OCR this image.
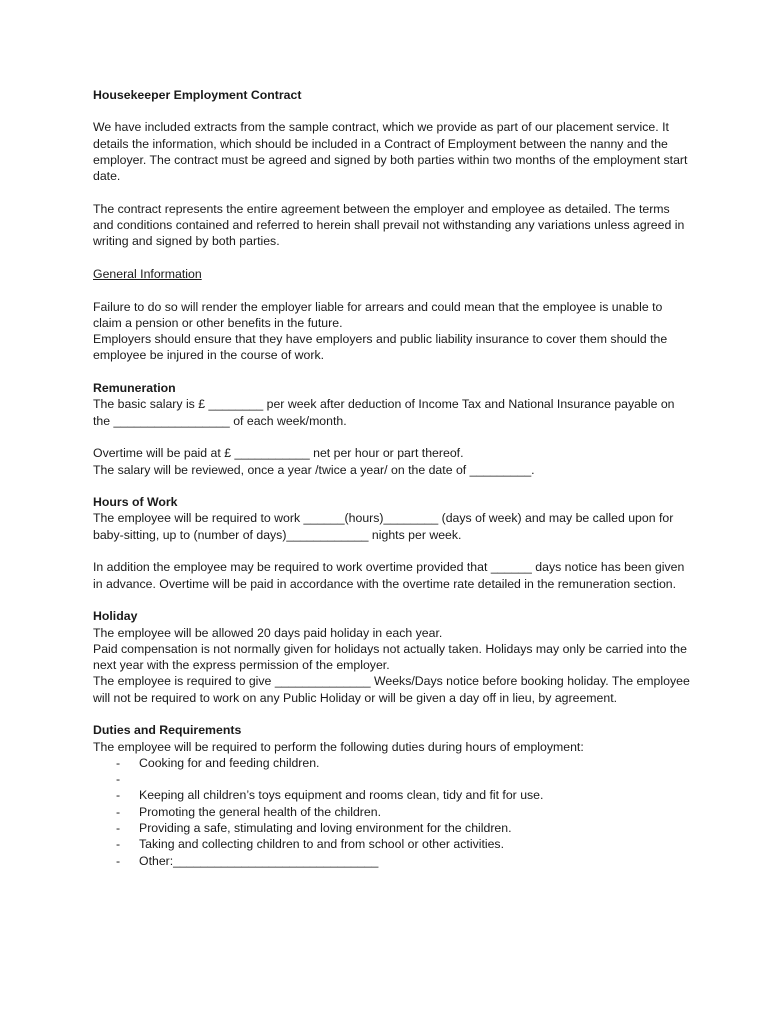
Housekeeper Employment Contract

We have included extracts from the sample contract, which we provide as part of our placement service. It details the information, which should be included in a Contract of Employment between the nanny and the employer. The contract must be agreed and signed by both parties within two months of the employment start date.

The contract represents the entire agreement between the employer and employee as detailed. The terms and conditions contained and referred to herein shall prevail not withstanding any variations unless agreed in writing and signed by both parties.

General Information

Failure to do so will render the employer liable for arrears and could mean that the employee is unable to claim a pension or other benefits in the future.

Employers should ensure that they have employers and public liability insurance to cover them should the employee be injured in the course of work.

Remuneration

The basic salary is £ ________ per week after deduction of Income Tax and National Insurance payable on the _________________ of each week/month.

Overtime will be paid at £ ___________ net per hour or part thereof.

The salary will be reviewed, once a year /twice a year/ on the date of _________.

Hours of Work

The employee will be required to work ______(hours)________ (days of week) and may be called upon for baby-sitting, up to (number of days)____________ nights per week.

In addition the employee may be required to work overtime provided that ______ days notice has been given in advance. Overtime will be paid in accordance with the overtime rate detailed in the remuneration section.

Holiday

The employee will be allowed 20 days paid holiday in each year.

Paid compensation is not normally given for holidays not actually taken. Holidays may only be carried into the next year with the express permission of the employer.

The employee is required to give ______________ Weeks/Days notice before booking holiday. The employee will not be required to work on any Public Holiday or will be given a day off in lieu, by agreement.

Duties and Requirements

The employee will be required to perform the following duties during hours of employment:

- Cooking for and feeding children.
-
- Keeping all children’s toys equipment and rooms clean, tidy and fit for use.
- Promoting the general health of the children.
- Providing a safe, stimulating and loving environment for the children.
- Taking and collecting children to and from school or other activities.
- Other:______________________________
